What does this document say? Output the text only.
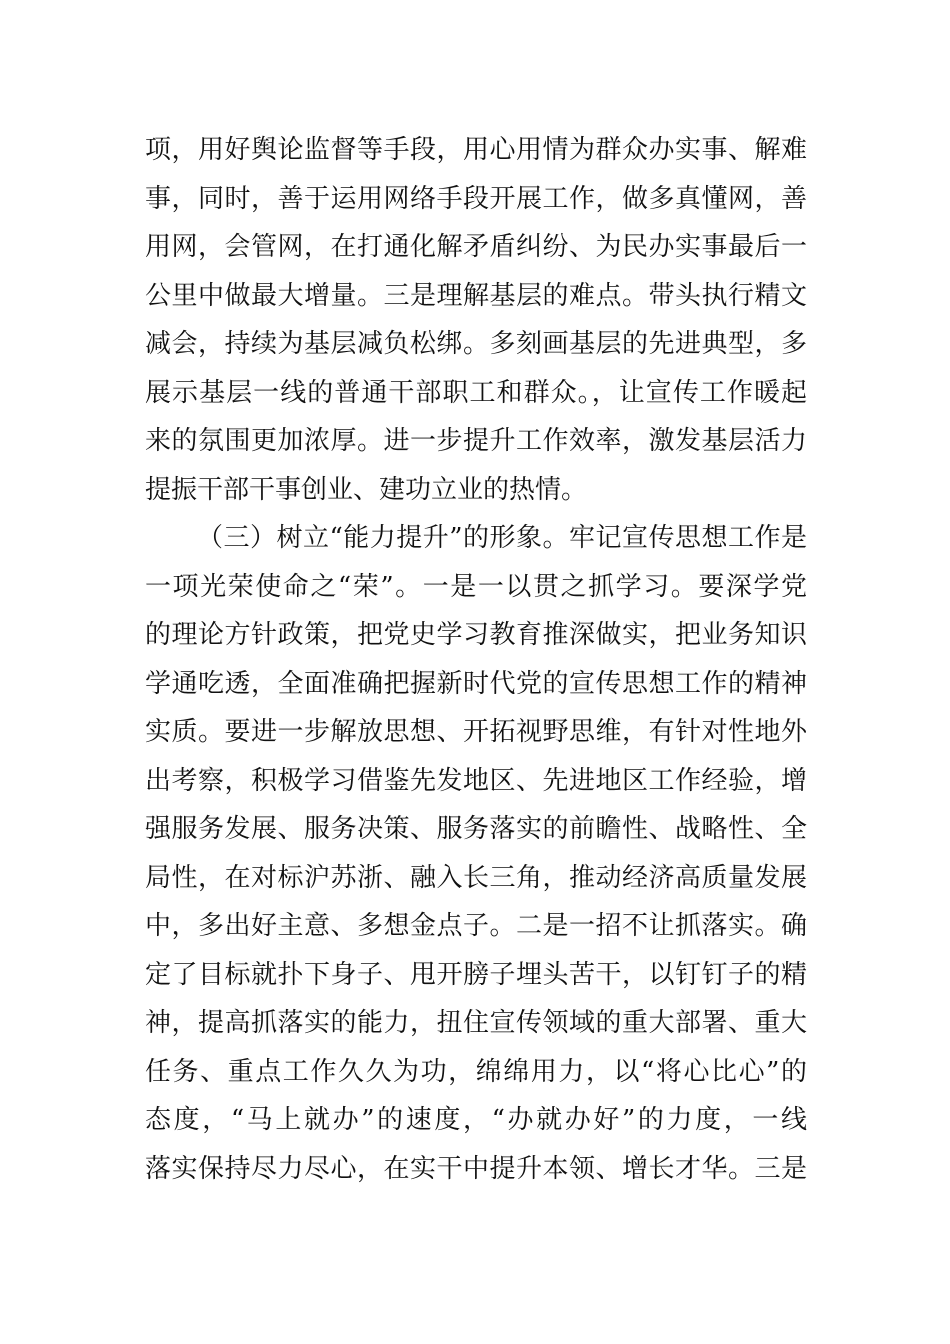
项，用好舆论监督等手段，用心用情为群众办实事、解难
事，同时，善于运用网络手段开展工作，做多真懂网，善
用网，会管网，在打通化解矛盾纠纷、为民办实事最后一
公里中做最大增量。三是理解基层的难点。带头执行精文
减会，持续为基层减负松绑。多刻画基层的先进典型，多
展示基层一线的普通干部职工和群众。，让宣传工作暖起
来的氛围更加浓厚。进一步提升工作效率，激发基层活力
提振干部干事创业、建功立业的热情。
（三）树立“能力提升”的形象。牢记宣传思想工作是
一项光荣使命之“荣”。一是一以贯之抓学习。要深学党
的理论方针政策，把党史学习教育推深做实，把业务知识
学通吃透，全面准确把握新时代党的宣传思想工作的精神
实质。要进一步解放思想、开拓视野思维，有针对性地外
出考察，积极学习借鉴先发地区、先进地区工作经验，增
强服务发展、服务决策、服务落实的前瞻性、战略性、全
局性，在对标沪苏浙、融入长三角，推动经济高质量发展
中，多出好主意、多想金点子。二是一招不让抓落实。确
定了目标就扑下身子、甩开膀子埋头苦干，以钉钉子的精
神，提高抓落实的能力，扭住宣传领域的重大部署、重大
任务、重点工作久久为功，绵绵用力，以“将心比心”的
态度，“马上就办”的速度，“办就办好”的力度，一线
落实保持尽力尽心，在实干中提升本领、增长才华。三是
